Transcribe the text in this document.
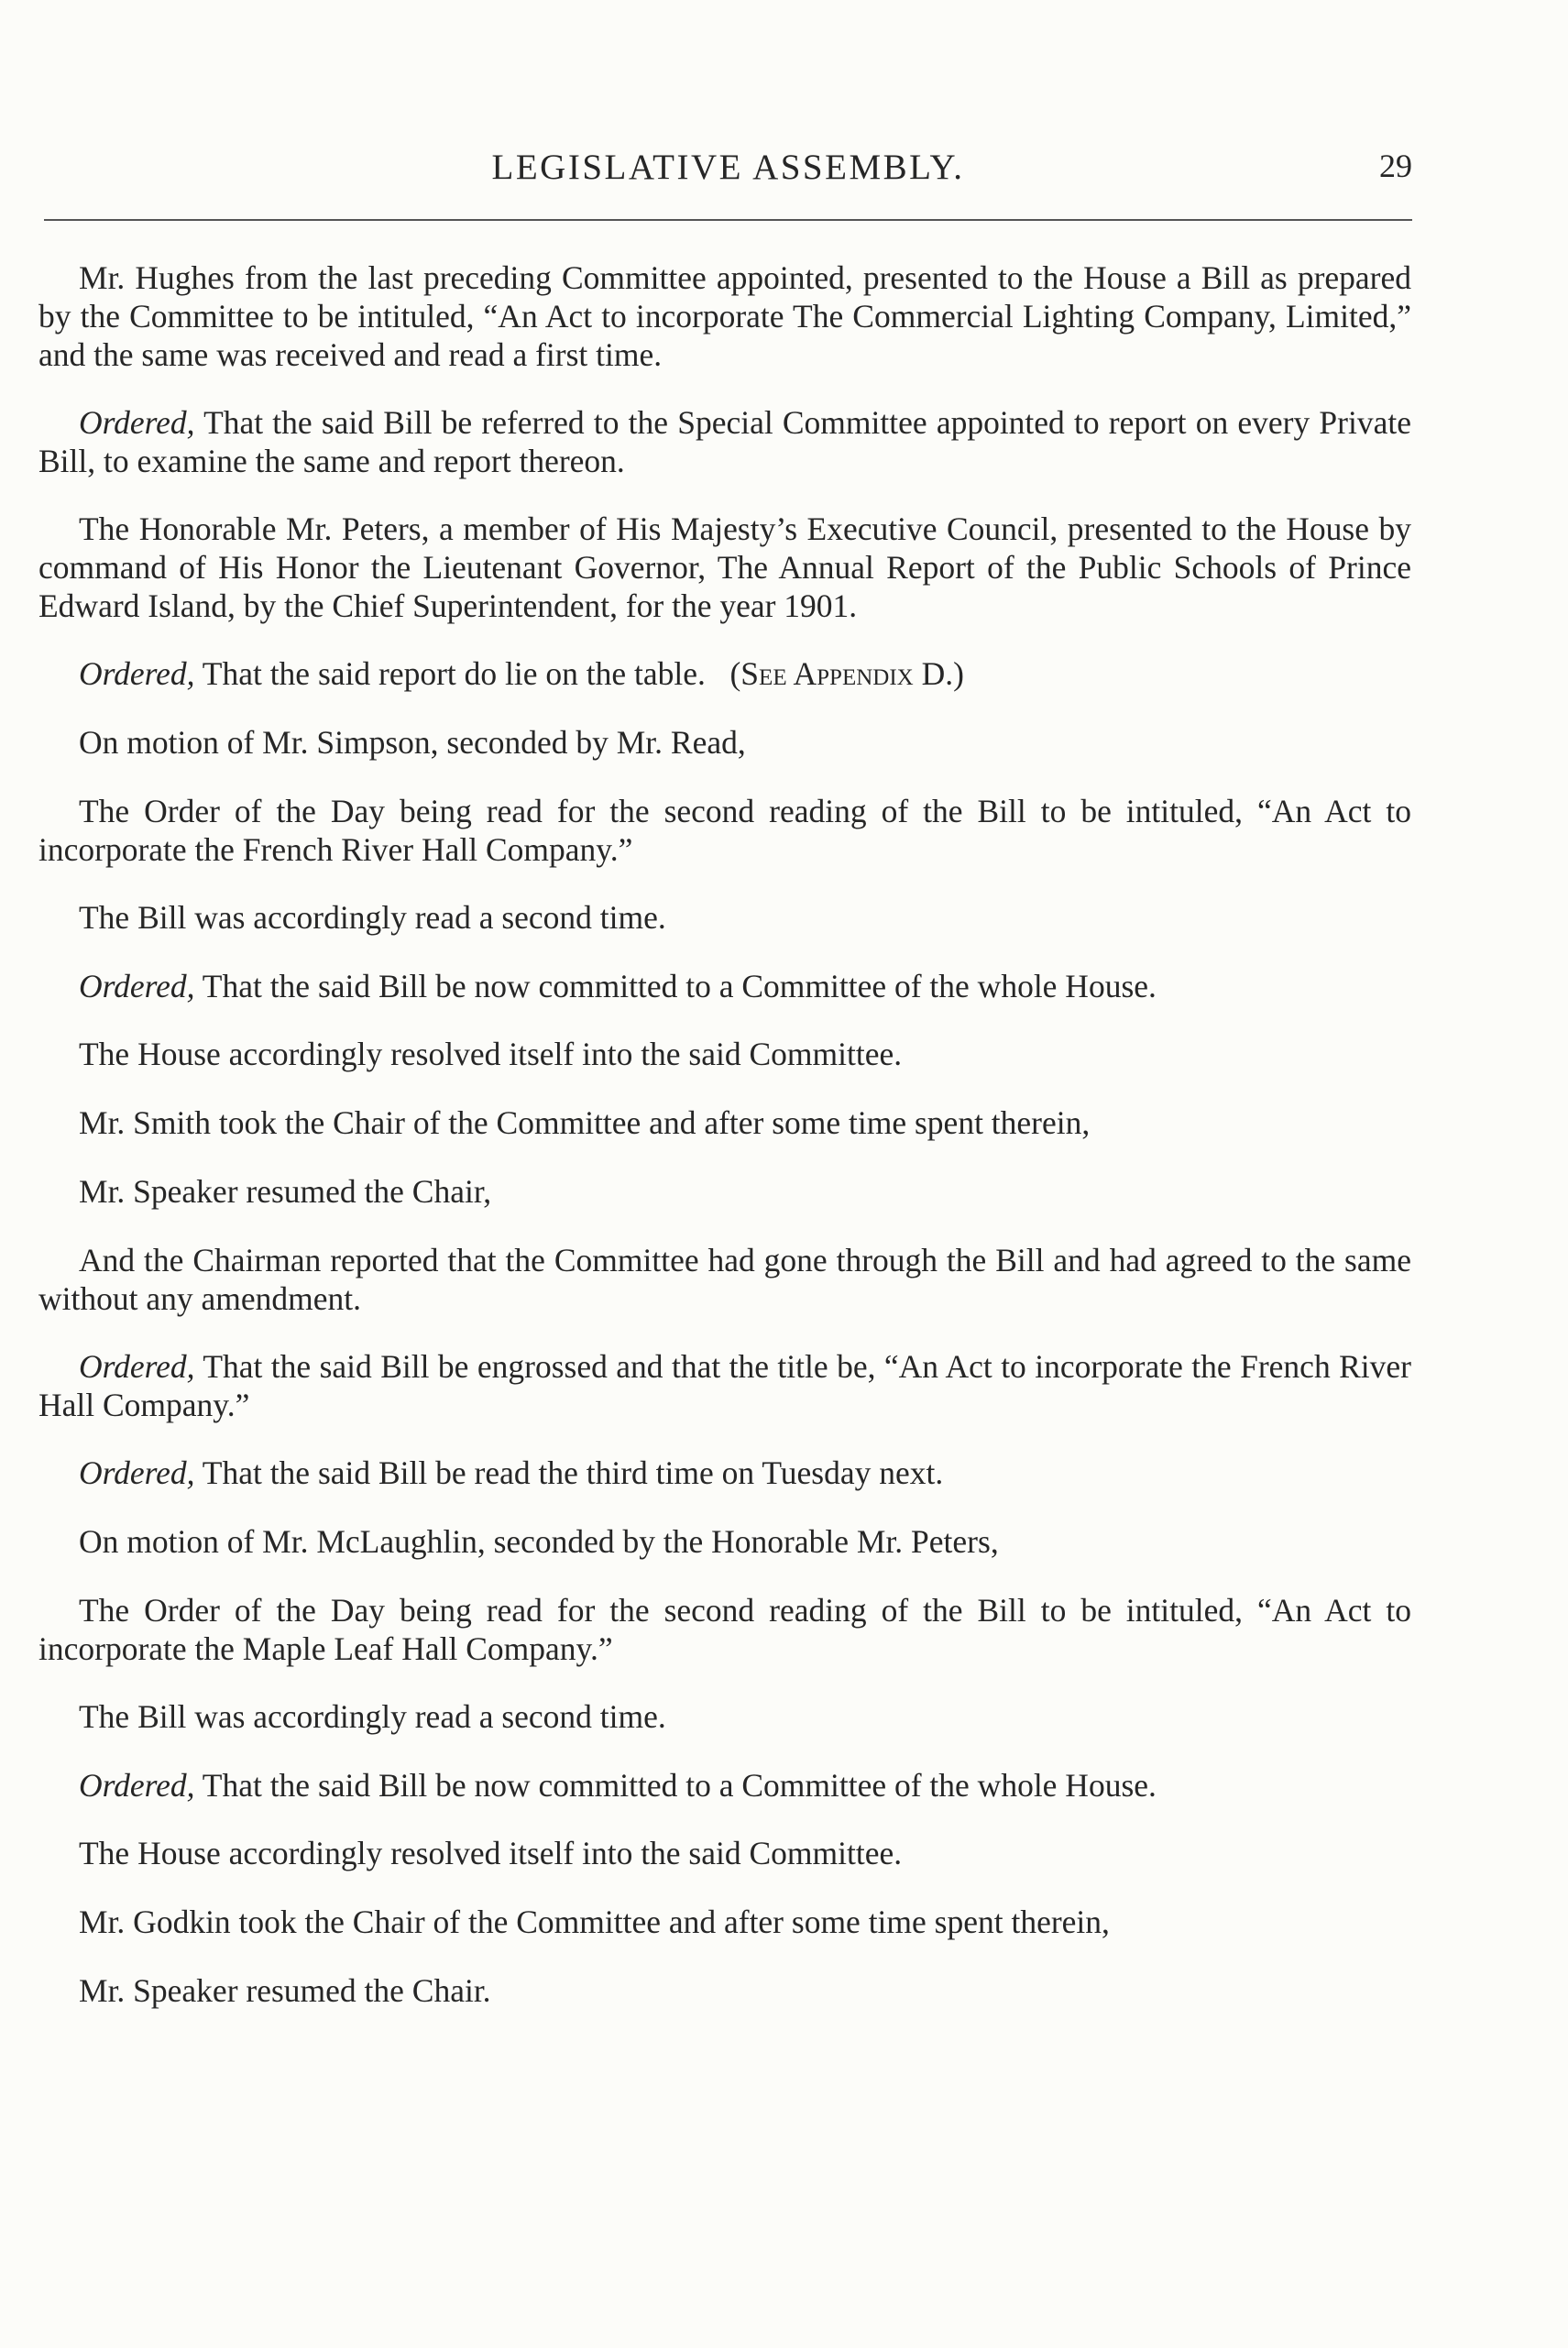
LEGISLATIVE ASSEMBLY.	29

Mr. Hughes from the last preceding Committee appointed, presented to the House a Bill as prepared by the Committee to be intituled, “An Act to incorporate The Commercial Lighting Company, Limited,” and the same was received and read a first time.

Ordered, That the said Bill be referred to the Special Committee appointed to report on every Private Bill, to examine the same and report thereon.

The Honorable Mr. Peters, a member of His Majesty’s Executive Council, presented to the House by command of His Honor the Lieutenant Governor, The Annual Report of the Public Schools of Prince Edward Island, by the Chief Superintendent, for the year 1901.

Ordered, That the said report do lie on the table. (See Appendix D.)

On motion of Mr. Simpson, seconded by Mr. Read,

The Order of the Day being read for the second reading of the Bill to be intituled, “An Act to incorporate the French River Hall Company.”

The Bill was accordingly read a second time.

Ordered, That the said Bill be now committed to a Committee of the whole House.

The House accordingly resolved itself into the said Committee.

Mr. Smith took the Chair of the Committee and after some time spent therein,

Mr. Speaker resumed the Chair,

And the Chairman reported that the Committee had gone through the Bill and had agreed to the same without any amendment.

Ordered, That the said Bill be engrossed and that the title be, “An Act to incorporate the French River Hall Company.”

Ordered, That the said Bill be read the third time on Tuesday next.

On motion of Mr. McLaughlin, seconded by the Honorable Mr. Peters,

The Order of the Day being read for the second reading of the Bill to be intituled, “An Act to incorporate the Maple Leaf Hall Company.”

The Bill was accordingly read a second time.

Ordered, That the said Bill be now committed to a Committee of the whole House.

The House accordingly resolved itself into the said Committee.

Mr. Godkin took the Chair of the Committee and after some time spent therein,

Mr. Speaker resumed the Chair.
